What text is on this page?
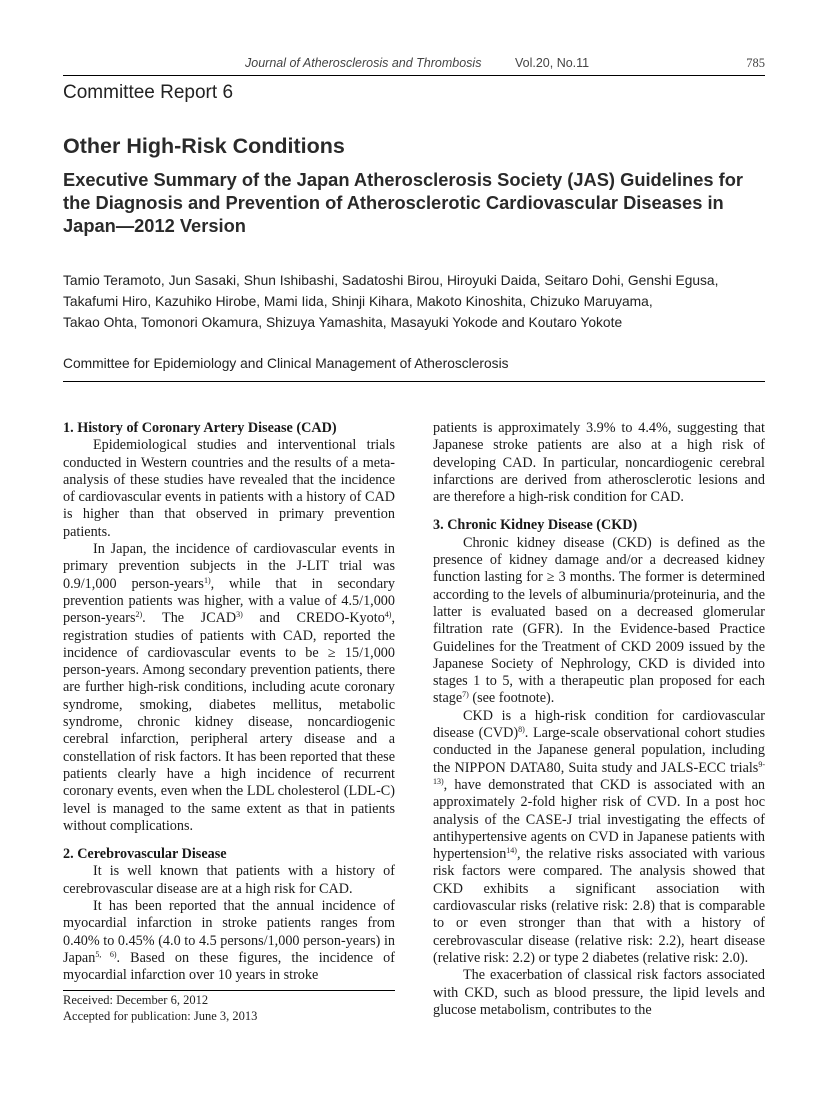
Journal of Atherosclerosis and Thrombosis	Vol.20, No.11	785
Committee Report 6
Other High-Risk Conditions
Executive Summary of the Japan Atherosclerosis Society (JAS) Guidelines for the Diagnosis and Prevention of Atherosclerotic Cardiovascular Diseases in Japan―2012 Version
Tamio Teramoto, Jun Sasaki, Shun Ishibashi, Sadatoshi Birou, Hiroyuki Daida, Seitaro Dohi, Genshi Egusa,
Takafumi Hiro, Kazuhiko Hirobe, Mami Iida, Shinji Kihara, Makoto Kinoshita, Chizuko Maruyama,
Takao Ohta, Tomonori Okamura, Shizuya Yamashita, Masayuki Yokode and Koutaro Yokote
Committee for Epidemiology and Clinical Management of Atherosclerosis
1. History of Coronary Artery Disease (CAD)

Epidemiological studies and interventional trials conducted in Western countries and the results of a meta-analysis of these studies have revealed that the incidence of cardiovascular events in patients with a history of CAD is higher than that observed in primary prevention patients.

In Japan, the incidence of cardiovascular events in primary prevention subjects in the J-LIT trial was 0.9/1,000 person-years$^{1)}$, while that in secondary prevention patients was higher, with a value of 4.5/1,000 person-years$^{2)}$. The JCAD$^{3)}$ and CREDO-Kyoto$^{4)}$, registration studies of patients with CAD, reported the incidence of cardiovascular events to be ≥ 15/1,000 person-years. Among secondary prevention patients, there are further high-risk conditions, including acute coronary syndrome, smoking, diabetes mellitus, metabolic syndrome, chronic kidney disease, noncardiogenic cerebral infarction, peripheral artery disease and a constellation of risk factors. It has been reported that these patients clearly have a high incidence of recurrent coronary events, even when the LDL cholesterol (LDL-C) level is managed to the same extent as that in patients without complications.

2. Cerebrovascular Disease

It is well known that patients with a history of cerebrovascular disease are at a high risk for CAD.

It has been reported that the annual incidence of myocardial infarction in stroke patients ranges from 0.40% to 0.45% (4.0 to 4.5 persons/1,000 person-years) in Japan$^{5, 6)}$. Based on these figures, the incidence of myocardial infarction over 10 years in stroke

patients is approximately 3.9% to 4.4%, suggesting that Japanese stroke patients are also at a high risk of developing CAD. In particular, noncardiogenic cerebral infarctions are derived from atherosclerotic lesions and are therefore a high-risk condition for CAD.

3. Chronic Kidney Disease (CKD)

Chronic kidney disease (CKD) is defined as the presence of kidney damage and/or a decreased kidney function lasting for ≥ 3 months. The former is determined according to the levels of albuminuria/proteinuria, and the latter is evaluated based on a decreased glomerular filtration rate (GFR). In the Evidence-based Practice Guidelines for the Treatment of CKD 2009 issued by the Japanese Society of Nephrology, CKD is divided into stages 1 to 5, with a therapeutic plan proposed for each stage$^{7)}$ (see footnote).

CKD is a high-risk condition for cardiovascular disease (CVD)$^{8)}$. Large-scale observational cohort studies conducted in the Japanese general population, including the NIPPON DATA80, Suita study and JALS-ECC trials$^{9-13)}$, have demonstrated that CKD is associated with an approximately 2-fold higher risk of CVD. In a post hoc analysis of the CASE-J trial investigating the effects of antihypertensive agents on CVD in Japanese patients with hypertension$^{14)}$, the relative risks associated with various risk factors were compared. The analysis showed that CKD exhibits a significant association with cardiovascular risks (relative risk: 2.8) that is comparable to or even stronger than that with a history of cerebrovascular disease (relative risk: 2.2), heart disease (relative risk: 2.2) or type 2 diabetes (relative risk: 2.0).

The exacerbation of classical risk factors associated with CKD, such as blood pressure, the lipid levels and glucose metabolism, contributes to the

Received: December 6, 2012
Accepted for publication: June 3, 2013
